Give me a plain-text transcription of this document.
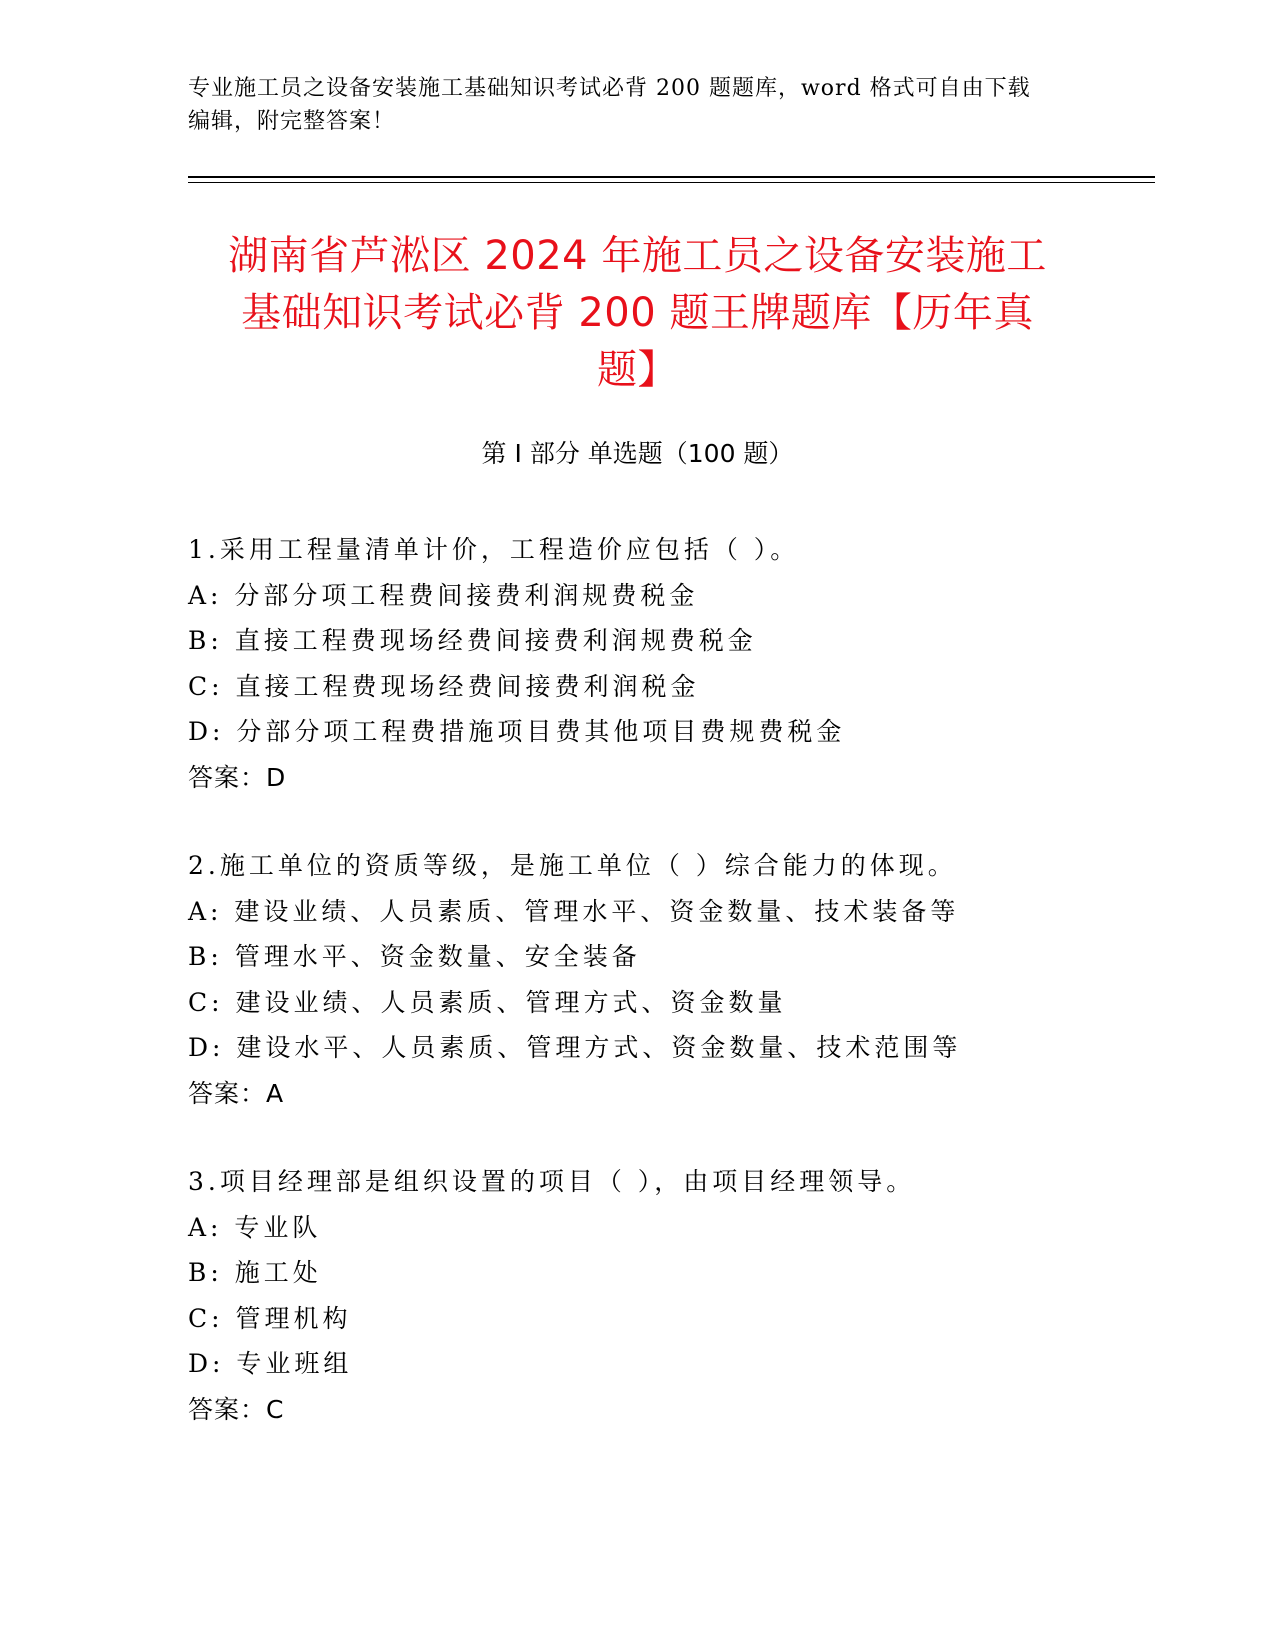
专业施工员之设备安装施工基础知识考试必背 200 题题库，word 格式可自由下载
编辑，附完整答案！
湖南省芦淞区 2024 年施工员之设备安装施工
基础知识考试必背 200 题王牌题库【历年真
题】
第 I 部分 单选题（100 题）
1.采用工程量清单计价，工程造价应包括（ ）。
A: 分部分项工程费间接费利润规费税金
B: 直接工程费现场经费间接费利润规费税金
C: 直接工程费现场经费间接费利润税金
D: 分部分项工程费措施项目费其他项目费规费税金
答案：D
2.施工单位的资质等级，是施工单位（ ）综合能力的体现。
A: 建设业绩、人员素质、管理水平、资金数量、技术装备等
B: 管理水平、资金数量、安全装备
C: 建设业绩、人员素质、管理方式、资金数量
D: 建设水平、人员素质、管理方式、资金数量、技术范围等
答案：A
3.项目经理部是组织设置的项目（ ），由项目经理领导。
A: 专业队
B: 施工处
C: 管理机构
D: 专业班组
答案：C
